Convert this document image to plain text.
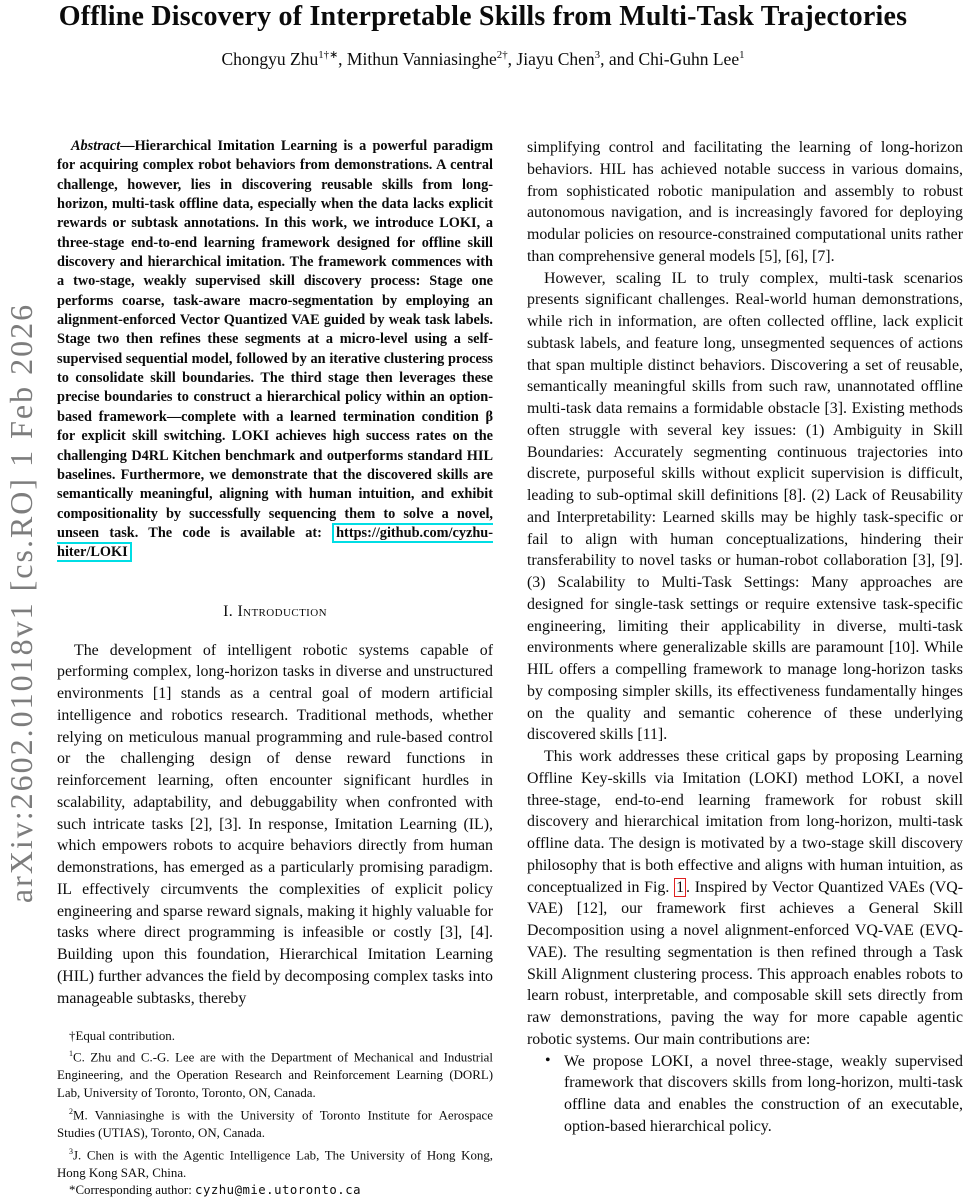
arXiv:2602.01018v1 [cs.RO] 1 Feb 2026
Offline Discovery of Interpretable Skills from Multi-Task Trajectories
Chongyu Zhu$^{1\dagger∗}$, Mithun Vanniasinghe$^{2\dagger}$, Jiayu Chen$^3$, and Chi-Guhn Lee$^1$

Abstract—Hierarchical Imitation Learning is a powerful paradigm for acquiring complex robot behaviors from demonstrations. A central challenge, however, lies in discovering reusable skills from long-horizon, multi-task offline data, especially when the data lacks explicit rewards or subtask annotations. In this work, we introduce LOKI, a three-stage end-to-end learning framework designed for offline skill discovery and hierarchical imitation. The framework commences with a two-stage, weakly supervised skill discovery process: Stage one performs coarse, task-aware macro-segmentation by employing an alignment-enforced Vector Quantized VAE guided by weak task labels. Stage two then refines these segments at a micro-level using a self-supervised sequential model, followed by an iterative clustering process to consolidate skill boundaries. The third stage then leverages these precise boundaries to construct a hierarchical policy within an option-based framework—complete with a learned termination condition β for explicit skill switching. LOKI achieves high success rates on the challenging D4RL Kitchen benchmark and outperforms standard HIL baselines. Furthermore, we demonstrate that the discovered skills are semantically meaningful, aligning with human intuition, and exhibit compositionality by successfully sequencing them to solve a novel, unseen task. The code is available at: https://github.com/cyzhu-hiter/LOKI

I. Introduction

The development of intelligent robotic systems capable of performing complex, long-horizon tasks in diverse and unstructured environments [1] stands as a central goal of modern artificial intelligence and robotics research. Traditional methods, whether relying on meticulous manual programming and rule-based control or the challenging design of dense reward functions in reinforcement learning, often encounter significant hurdles in scalability, adaptability, and debuggability when confronted with such intricate tasks [2], [3]. In response, Imitation Learning (IL), which empowers robots to acquire behaviors directly from human demonstrations, has emerged as a particularly promising paradigm. IL effectively circumvents the complexities of explicit policy engineering and sparse reward signals, making it highly valuable for tasks where direct programming is infeasible or costly [3], [4]. Building upon this foundation, Hierarchical Imitation Learning (HIL) further advances the field by decomposing complex tasks into manageable subtasks, thereby

†Equal contribution.

$^1$C. Zhu and C.-G. Lee are with the Department of Mechanical and Industrial Engineering, and the Operation Research and Reinforcement Learning (DORL) Lab, University of Toronto, Toronto, ON, Canada.

$^2$M. Vanniasinghe is with the University of Toronto Institute for Aerospace Studies (UTIAS), Toronto, ON, Canada.

$^3$J. Chen is with the Agentic Intelligence Lab, The University of Hong Kong, Hong Kong SAR, China.

*Corresponding author: cyzhu@mie.utoronto.ca

simplifying control and facilitating the learning of long-horizon behaviors. HIL has achieved notable success in various domains, from sophisticated robotic manipulation and assembly to robust autonomous navigation, and is increasingly favored for deploying modular policies on resource-constrained computational units rather than comprehensive general models [5], [6], [7].

However, scaling IL to truly complex, multi-task scenarios presents significant challenges. Real-world human demonstrations, while rich in information, are often collected offline, lack explicit subtask labels, and feature long, unsegmented sequences of actions that span multiple distinct behaviors. Discovering a set of reusable, semantically meaningful skills from such raw, unannotated offline multi-task data remains a formidable obstacle [3]. Existing methods often struggle with several key issues: (1) Ambiguity in Skill Boundaries: Accurately segmenting continuous trajectories into discrete, purposeful skills without explicit supervision is difficult, leading to sub-optimal skill definitions [8]. (2) Lack of Reusability and Interpretability: Learned skills may be highly task-specific or fail to align with human conceptualizations, hindering their transferability to novel tasks or human-robot collaboration [3], [9]. (3) Scalability to Multi-Task Settings: Many approaches are designed for single-task settings or require extensive task-specific engineering, limiting their applicability in diverse, multi-task environments where generalizable skills are paramount [10]. While HIL offers a compelling framework to manage long-horizon tasks by composing simpler skills, its effectiveness fundamentally hinges on the quality and semantic coherence of these underlying discovered skills [11].

This work addresses these critical gaps by proposing Learning Offline Key-skills via Imitation (LOKI) method LOKI, a novel three-stage, end-to-end learning framework for robust skill discovery and hierarchical imitation from long-horizon, multi-task offline data. The design is motivated by a two-stage skill discovery philosophy that is both effective and aligns with human intuition, as conceptualized in Fig. 1 . Inspired by Vector Quantized VAEs (VQ-VAE) [12], our framework first achieves a General Skill Decomposition using a novel alignment-enforced VQ-VAE (EVQ-VAE). The resulting segmentation is then refined through a Task Skill Alignment clustering process. This approach enables robots to learn robust, interpretable, and composable skill sets directly from raw demonstrations, paving the way for more capable agentic robotic systems. Our main contributions are:

• We propose LOKI, a novel three-stage, weakly supervised framework that discovers skills from long-horizon, multi-task offline data and enables the construction of an executable, option-based hierarchical policy.
